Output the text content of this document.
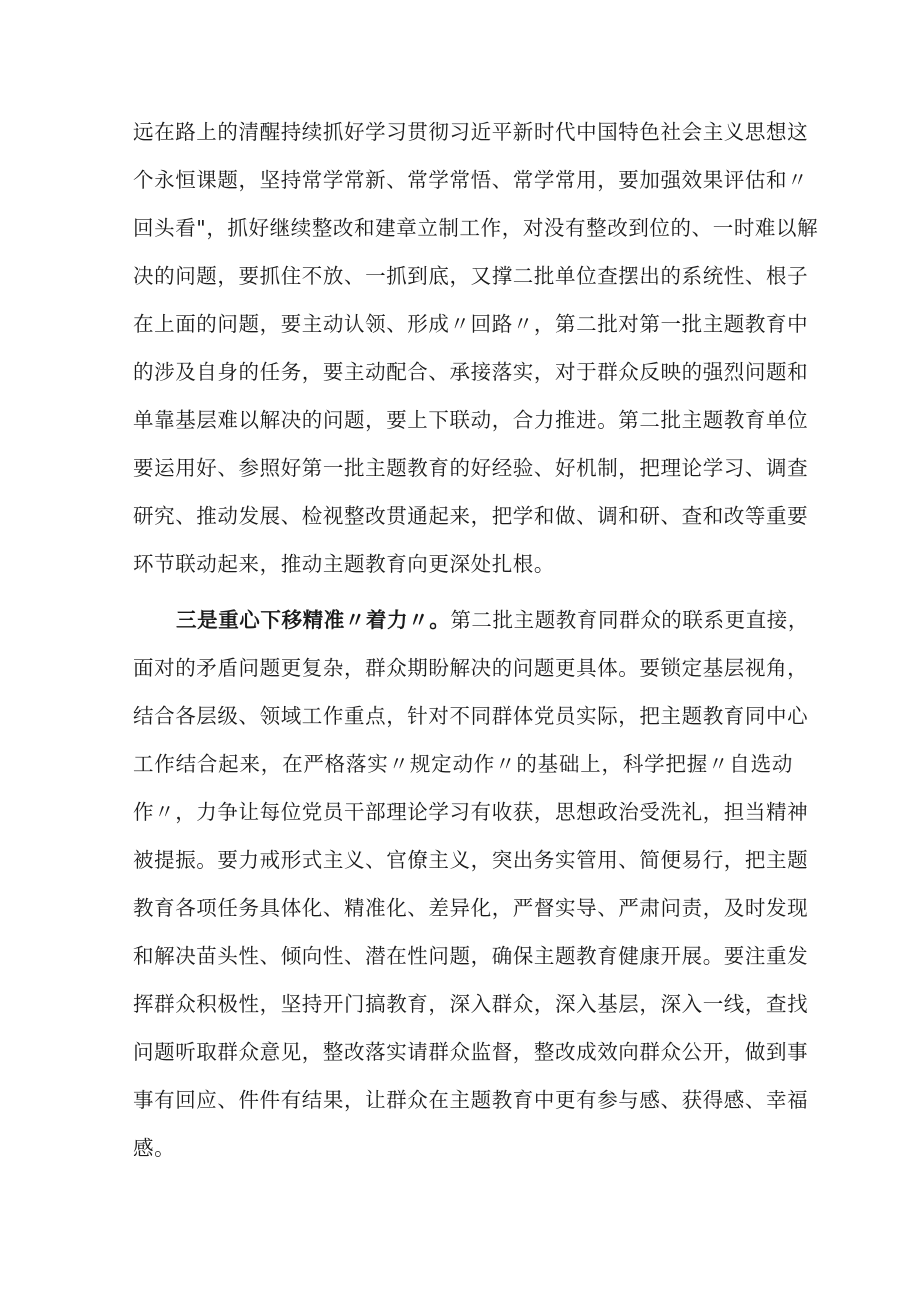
远在路上的清醒持续抓好学习贯彻习近平新时代中国特色社会主义思想这
个永恒课题，坚持常学常新、常学常悟、常学常用，要加强效果评估和〃
回头看"，抓好继续整改和建章立制工作，对没有整改到位的、一时难以解
决的问题，要抓住不放、一抓到底，又撑二批单位查摆出的系统性、根子
在上面的问题，要主动认领、形成〃回路〃，第二批对第一批主题教育中
的涉及自身的任务，要主动配合、承接落实，对于群众反映的强烈问题和
单靠基层难以解决的问题，要上下联动，合力推进。第二批主题教育单位
要运用好、参照好第一批主题教育的好经验、好机制，把理论学习、调查
研究、推动发展、检视整改贯通起来，把学和做、调和研、查和改等重要
环节联动起来，推动主题教育向更深处扎根。
三是重心下移精准〃着力〃。第二批主题教育同群众的联系更直接，
面对的矛盾问题更复杂，群众期盼解决的问题更具体。要锁定基层视角，
结合各层级、领域工作重点，针对不同群体党员实际，把主题教育同中心
工作结合起来，在严格落实〃规定动作〃的基础上，科学把握〃自选动
作〃，力争让每位党员干部理论学习有收获，思想政治受洗礼，担当精神
被提振。要力戒形式主义、官僚主义，突出务实管用、简便易行，把主题
教育各项任务具体化、精准化、差异化，严督实导、严肃问责，及时发现
和解决苗头性、倾向性、潜在性问题，确保主题教育健康开展。要注重发
挥群众积极性，坚持开门搞教育，深入群众，深入基层，深入一线，查找
问题听取群众意见，整改落实请群众监督，整改成效向群众公开，做到事
事有回应、件件有结果，让群众在主题教育中更有参与感、获得感、幸福
感。
